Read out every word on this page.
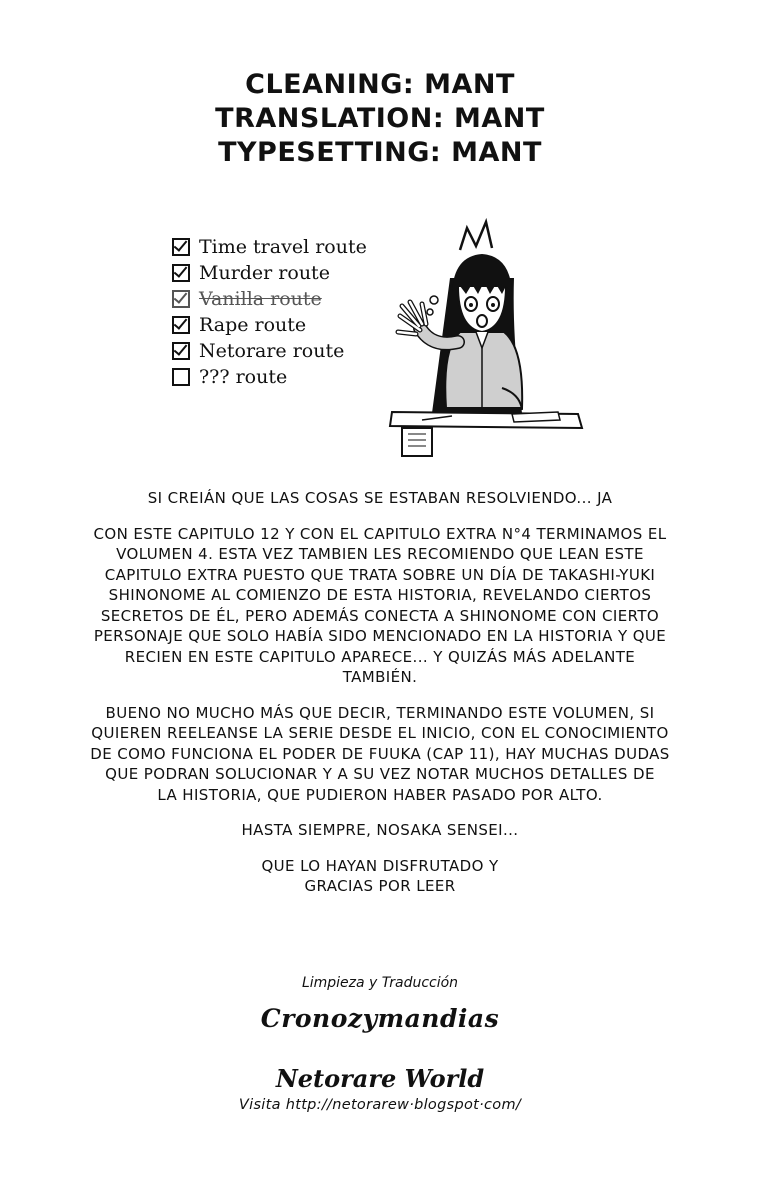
CLEANING: MANT
TRANSLATION: MANT
TYPESETTING: MANT
Time travel route
Murder route
Vanilla route
Rape route
Netorare route
??? route
SI CREIÁN QUE LAS COSAS SE ESTABAN RESOLVIENDO... JA
CON ESTE CAPITULO 12 Y CON EL CAPITULO EXTRA N°4 TERMINAMOS EL
VOLUMEN 4. ESTA VEZ TAMBIEN LES RECOMIENDO QUE LEAN ESTE
CAPITULO EXTRA PUESTO QUE TRATA SOBRE UN DÍA DE TAKASHI-YUKI
SHINONOME AL COMIENZO DE ESTA HISTORIA, REVELANDO CIERTOS
SECRETOS DE ÉL, PERO ADEMÁS CONECTA A SHINONOME CON CIERTO
PERSONAJE QUE SOLO HABÍA SIDO MENCIONADO EN LA HISTORIA Y QUE
RECIEN EN ESTE CAPITULO APARECE... Y QUIZÁS MÁS ADELANTE
TAMBIÉN.
BUENO NO MUCHO MÁS QUE DECIR, TERMINANDO ESTE VOLUMEN, SI
QUIEREN REELEANSE LA SERIE DESDE EL INICIO, CON EL CONOCIMIENTO
DE COMO FUNCIONA EL PODER DE FUUKA (CAP 11), HAY MUCHAS DUDAS
QUE PODRAN SOLUCIONAR Y A SU VEZ NOTAR MUCHOS DETALLES DE
LA HISTORIA, QUE PUDIERON HABER PASADO POR ALTO.
HASTA SIEMPRE, NOSAKA SENSEI...
QUE LO HAYAN DISFRUTADO Y
GRACIAS POR LEER
Limpieza y Traducción
Cronozymandias
Netorare World
Visita http://netorarew·blogspot·com/
